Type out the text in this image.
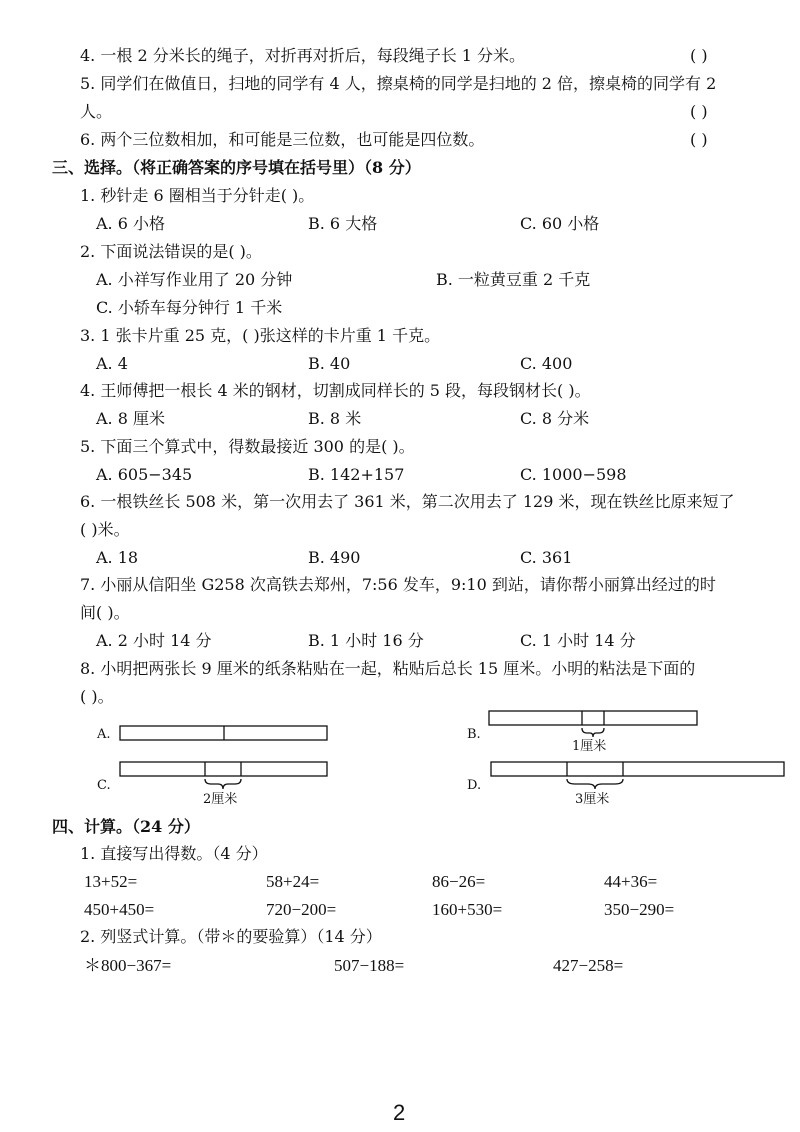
4. 一根 2 分米长的绳子，对折再对折后，每段绳子长 1 分米。	( )
5. 同学们在做值日，扫地的同学有 4 人，擦桌椅的同学是扫地的 2 倍，擦桌椅的同学有 2
人。	( )
6. 两个三位数相加，和可能是三位数，也可能是四位数。	( )
三、选择。（将正确答案的序号填在括号里）（8 分）
1. 秒针走 6 圈相当于分针走( )。
A. 6 小格	B. 6 大格	C. 60 小格
2. 下面说法错误的是( )。
A. 小祥写作业用了 20 分钟	B. 一粒黄豆重 2 千克
C. 小轿车每分钟行 1 千米
3. 1 张卡片重 25 克，( )张这样的卡片重 1 千克。
A. 4	B. 40	C. 400
4. 王师傅把一根长 4 米的钢材，切割成同样长的 5 段，每段钢材长( )。
A. 8 厘米	B. 8 米	C. 8 分米
5. 下面三个算式中，得数最接近 300 的是( )。
A. 605−345	B. 142+157	C. 1000−598
6. 一根铁丝长 508 米，第一次用去了 361 米，第二次用去了 129 米，现在铁丝比原来短了
( )米。
A. 18	B. 490	C. 361
7. 小丽从信阳坐 G258 次高铁去郑州，7:56 发车，9:10 到站，请你帮小丽算出经过的时
间( )。
A. 2 小时 14 分	B. 1 小时 16 分	C. 1 小时 14 分
8. 小明把两张长 9 厘米的纸条粘贴在一起，粘贴后总长 15 厘米。小明的粘法是下面的
( )。
A.	B.
C.	D.
1厘米
2厘米	3厘米
四、计算。（24 分）
1. 直接写出得数。（4 分）
13+52=	58+24=	86−26=	44+36=
450+450=	720−200=	160+530=	350−290=
2. 列竖式计算。（带＊的要验算）（14 分）
＊800−367=	507−188=	427−258=
2
